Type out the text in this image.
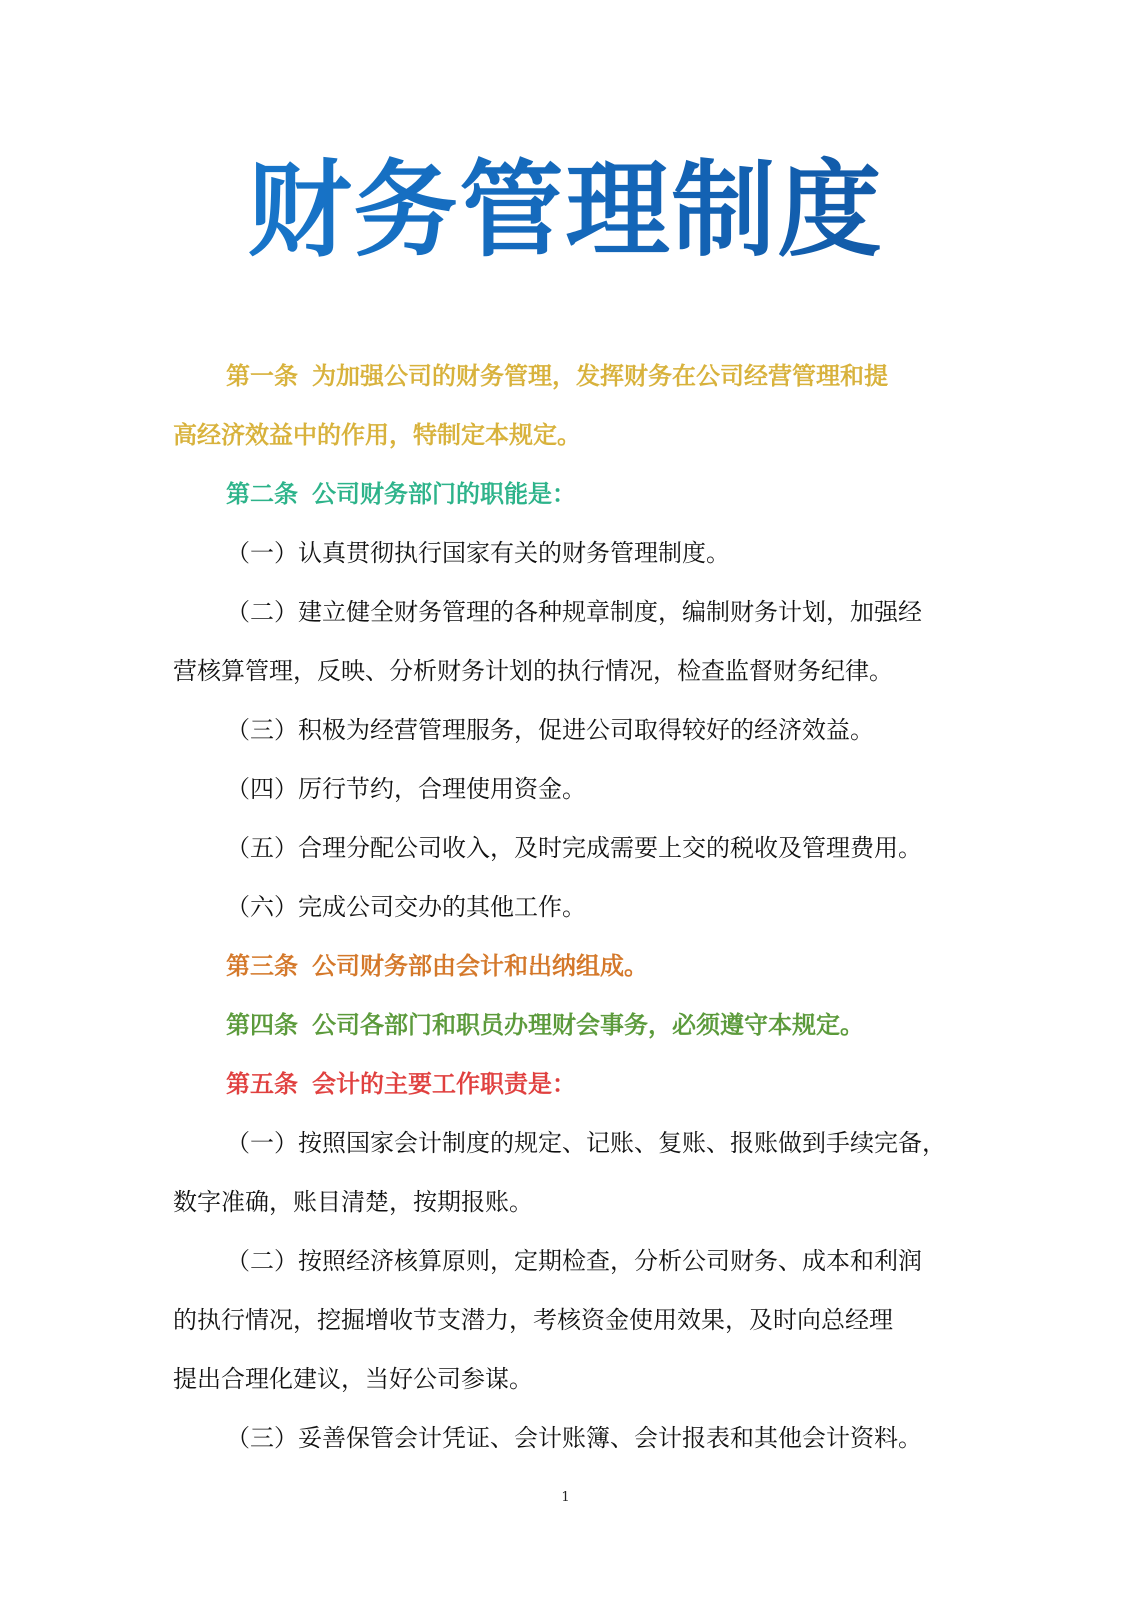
财务管理制度

第一条 为加强公司的财务管理，发挥财务在公司经营管理和提

高经济效益中的作用，特制定本规定。

第二条 公司财务部门的职能是：

（一）认真贯彻执行国家有关的财务管理制度。

（二）建立健全财务管理的各种规章制度，编制财务计划，加强经

营核算管理，反映、分析财务计划的执行情况，检查监督财务纪律。

（三）积极为经营管理服务，促进公司取得较好的经济效益。

（四）厉行节约，合理使用资金。

（五）合理分配公司收入，及时完成需要上交的税收及管理费用。

（六）完成公司交办的其他工作。

第三条 公司财务部由会计和出纳组成。

第四条 公司各部门和职员办理财会事务，必须遵守本规定。

第五条 会计的主要工作职责是：

（一）按照国家会计制度的规定、记账、复账、报账做到手续完备，

数字准确，账目清楚，按期报账。

（二）按照经济核算原则，定期检查，分析公司财务、成本和利润

的执行情况，挖掘增收节支潜力，考核资金使用效果，及时向总经理

提出合理化建议，当好公司参谋。

（三）妥善保管会计凭证、会计账簿、会计报表和其他会计资料。

1
